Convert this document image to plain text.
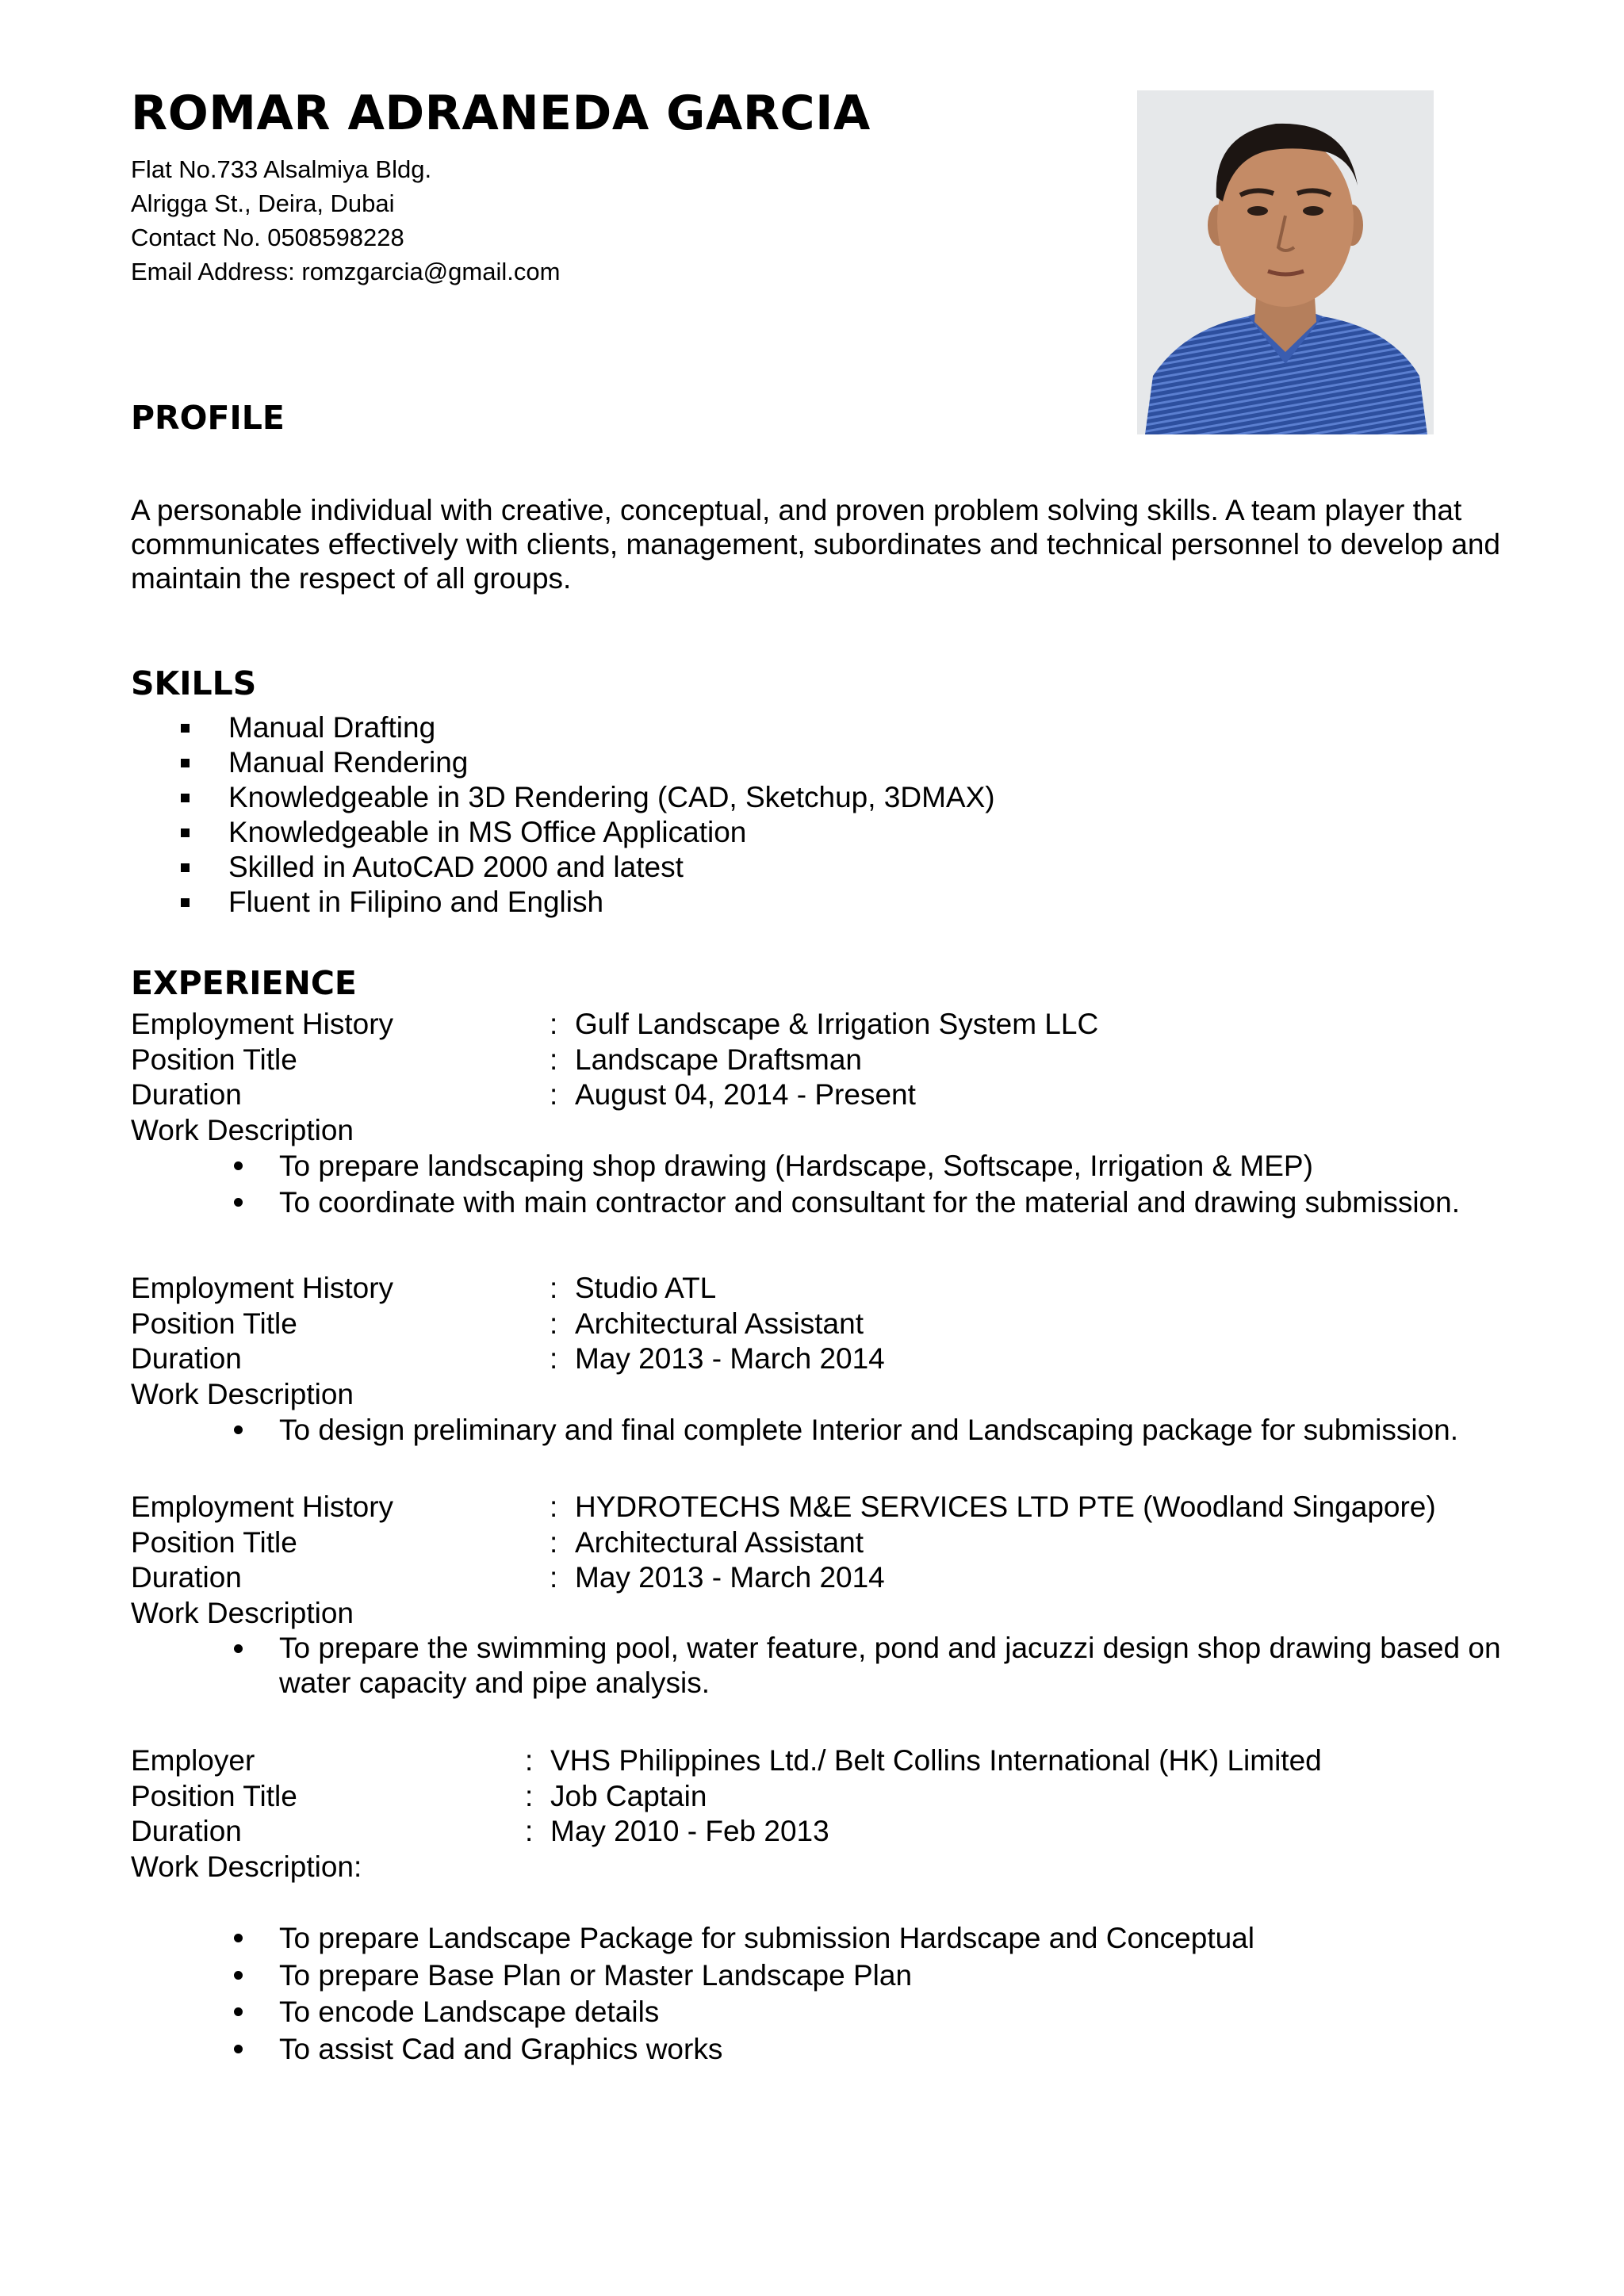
ROMAR ADRANEDA GARCIA
Flat No.733 Alsalmiya Bldg.
Alrigga St., Deira, Dubai
Contact No. 0508598228
Email Address: romzgarcia@gmail.com
PROFILE
A personable individual with creative, conceptual, and proven problem solving skills. A team player that communicates effectively with clients, management, subordinates and technical personnel to develop and maintain the respect of all groups.
SKILLS
Manual Drafting
Manual Rendering
Knowledgeable in 3D Rendering (CAD, Sketchup, 3DMAX)
Knowledgeable in MS Office Application
Skilled in AutoCAD 2000 and latest
Fluent in Filipino and English
EXPERIENCE
Employment History	: Gulf Landscape & Irrigation System LLC
Position Title	: Landscape Draftsman
Duration	: August 04, 2014 - Present
Work Description
To prepare landscaping shop drawing (Hardscape, Softscape, Irrigation & MEP)
To coordinate with main contractor and consultant for the material and drawing submission.
Employment History	: Studio ATL
Position Title	: Architectural Assistant
Duration	: May 2013 - March 2014
Work Description
To design preliminary and final complete Interior and Landscaping package for submission.
Employment History	: HYDROTECHS M&E SERVICES LTD PTE (Woodland Singapore)
Position Title	: Architectural Assistant
Duration	: May 2013 - March 2014
Work Description
To prepare the swimming pool, water feature, pond and jacuzzi design shop drawing based on water capacity and pipe analysis.
Employer	: VHS Philippines Ltd./ Belt Collins International (HK) Limited
Position Title	: Job Captain
Duration	: May 2010 - Feb 2013
Work Description:
To prepare Landscape Package for submission Hardscape and Conceptual
To prepare Base Plan or Master Landscape Plan
To encode Landscape details
To assist Cad and Graphics works
